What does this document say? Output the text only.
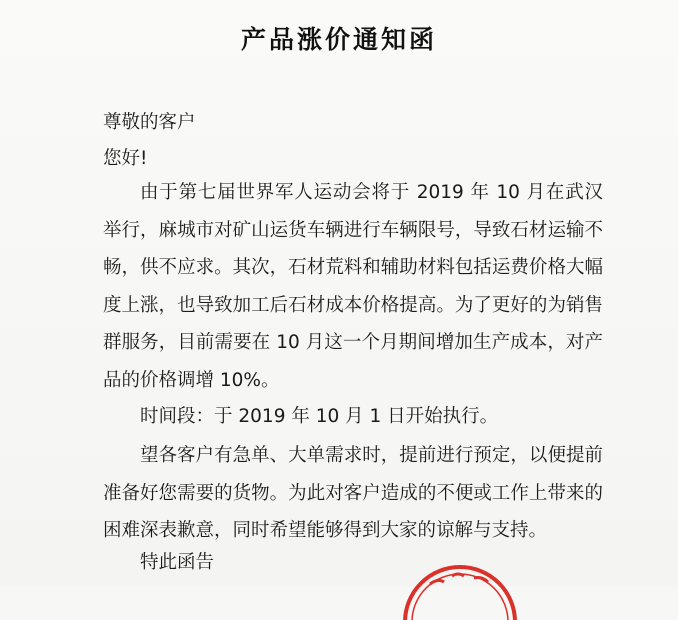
产品涨价通知函
尊敬的客户
您好!
由于第七届世界军人运动会将于 2019 年 10 月在武汉举行，麻城市对矿山运货车辆进行车辆限号，导致石材运输不畅，供不应求。其次，石材荒料和辅助材料包括运费价格大幅度上涨，也导致加工后石材成本价格提高。为了更好的为销售群服务，目前需要在 10 月这一个月期间增加生产成本，对产品的价格调增 10%。
时间段：于 2019 年 10 月 1 日开始执行。
望各客户有急单、大单需求时，提前进行预定，以便提前准备好您需要的货物。为此对客户造成的不便或工作上带来的困难深表歉意，同时希望能够得到大家的谅解与支持。
特此函告
